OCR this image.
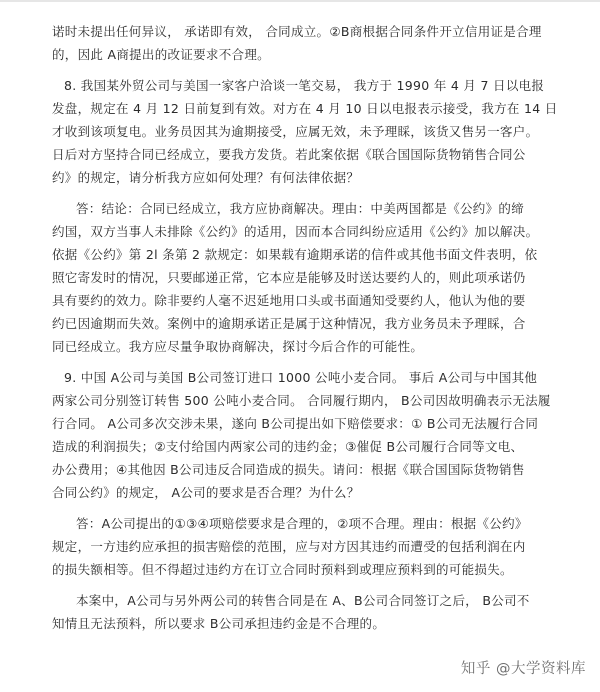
诺时未提出任何异议， 承诺即有效， 合同成立。②B商根据合同条件开立信用证是合理
的，因此 A商提出的改证要求不合理。
8. 我国某外贸公司与美国一家客户洽谈一笔交易， 我方于 1990 年 4 月 7 日以电报
发盘，规定在 4 月 12 日前复到有效。对方在 4 月 10 日以电报表示接受，我方在 14 日
才收到该项复电。业务员因其为逾期接受，应属无效，未予理睬，该货又售另一客户。
日后对方坚持合同已经成立，要我方发货。若此案依据《联合国国际货物销售合同公
约》的规定，请分析我方应如何处理？有何法律依据？
答：结论：合同已经成立，我方应协商解决。理由：中美两国都是《公约》的缔
约国，双方当事人未排除《公约》的适用，因而本合同纠纷应适用《公约》加以解决。
依据《公约》第 2l 条第 2 款规定：如果载有逾期承诺的信件或其他书面文件表明，依
照它寄发时的情况，只要邮递正常，它本应是能够及时送达要约人的，则此项承诺仍
具有要约的效力。除非要约人毫不迟延地用口头或书面通知受要约人，他认为他的要
约已因逾期而失效。案例中的逾期承诺正是属于这种情况，我方业务员未予理睬，合
同已经成立。我方应尽量争取协商解决，探讨今后合作的可能性。
9. 中国 A公司与美国 B公司签订进口 1000 公吨小麦合同。 事后 A公司与中国其他
两家公司分别签订转售 500 公吨小麦合同。 合同履行期内， B公司因故明确表示无法履
行合同。 A公司多次交涉未果，遂向 B公司提出如下赔偿要求：① B公司无法履行合同
造成的利润损失；②支付给国内两家公司的违约金；③催促 B公司履行合同等文电、
办公费用；④其他因 B公司违反合同造成的损失。请问：根据《联合国国际货物销售
合同公约》的规定， A公司的要求是否合理？为什么？
答：A公司提出的①③④项赔偿要求是合理的，②项不合理。理由：根据《公约》
规定，一方违约应承担的损害赔偿的范围，应与对方因其违约而遭受的包括利润在内
的损失额相等。但不得超过违约方在订立合同时预料到或理应预料到的可能损失。
本案中，A公司与另外两公司的转售合同是在 A、B公司合同签订之后， B公司不
知情且无法预料，所以要求 B公司承担违约金是不合理的。
知乎 @大学资料库
